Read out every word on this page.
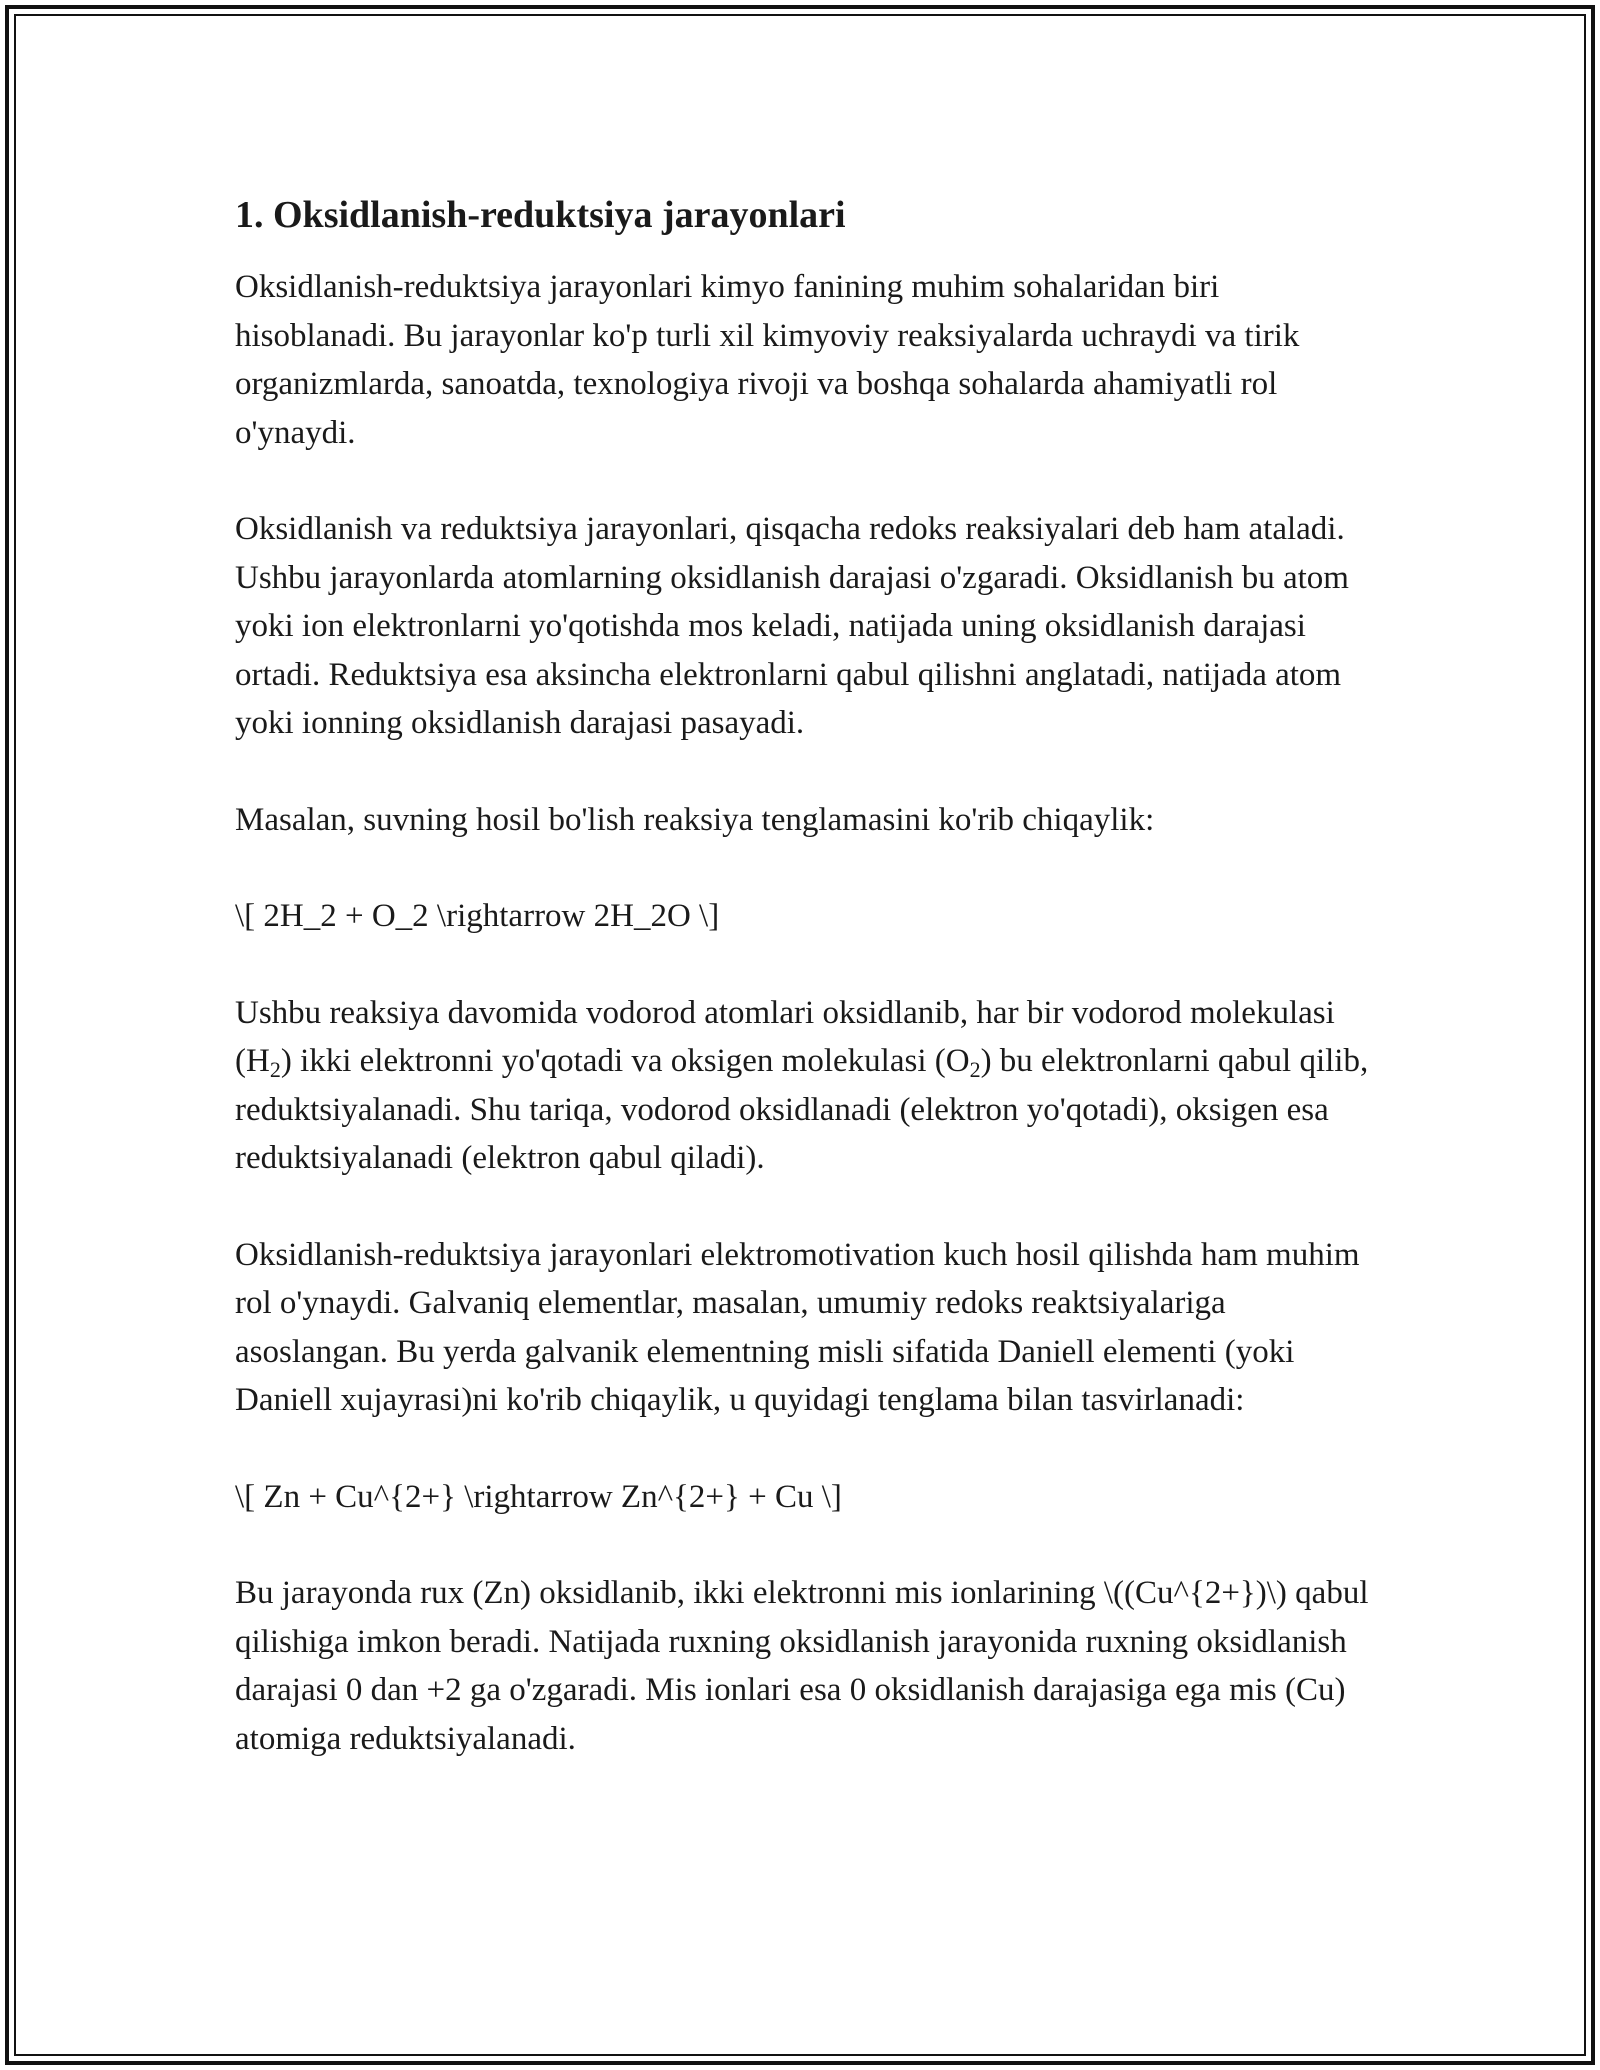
1. Oksidlanish-reduktsiya jarayonlari

Oksidlanish-reduktsiya jarayonlari kimyo fanining muhim sohalaridan biri hisoblanadi. Bu jarayonlar ko'p turli xil kimyoviy reaksiyalarda uchraydi va tirik organizmlarda, sanoatda, texnologiya rivoji va boshqa sohalarda ahamiyatli rol o'ynaydi.

Oksidlanish va reduktsiya jarayonlari, qisqacha redoks reaksiyalari deb ham ataladi. Ushbu jarayonlarda atomlarning oksidlanish darajasi o'zgaradi. Oksidlanish bu atom yoki ion elektronlarni yo'qotishda mos keladi, natijada uning oksidlanish darajasi ortadi. Reduktsiya esa aksincha elektronlarni qabul qilishni anglatadi, natijada atom yoki ionning oksidlanish darajasi pasayadi.

Masalan, suvning hosil bo'lish reaksiya tenglamasini ko'rib chiqaylik:

\[ 2H_2 + O_2 \rightarrow 2H_2O \]

Ushbu reaksiya davomida vodorod atomlari oksidlanib, har bir vodorod molekulasi $(H_2)$ ikki elektronni yo'qotadi va oksigen molekulasi $(O_2)$ bu elektronlarni qabul qilib, reduktsiyalanadi. Shu tariqa, vodorod oksidlanadi (elektron yo'qotadi), oksigen esa reduktsiyalanadi (elektron qabul qiladi).

Oksidlanish-reduktsiya jarayonlari elektromotivation kuch hosil qilishda ham muhim rol o'ynaydi. Galvaniq elementlar, masalan, umumiy redoks reaktsiyalariga asoslangan. Bu yerda galvanik elementning misli sifatida Daniell elementi (yoki Daniell xujayrasi)ni ko'rib chiqaylik, u quyidagi tenglama bilan tasvirlanadi:

\[ Zn + Cu^{2+} \rightarrow Zn^{2+} + Cu \]

Bu jarayonda rux (Zn) oksidlanib, ikki elektronni mis ionlarining \((Cu^{2+})\) qabul qilishiga imkon beradi. Natijada ruxning oksidlanish jarayonida ruxning oksidlanish darajasi 0 dan +2 ga o'zgaradi. Mis ionlari esa 0 oksidlanish darajasiga ega mis (Cu) atomiga reduktsiyalanadi.
